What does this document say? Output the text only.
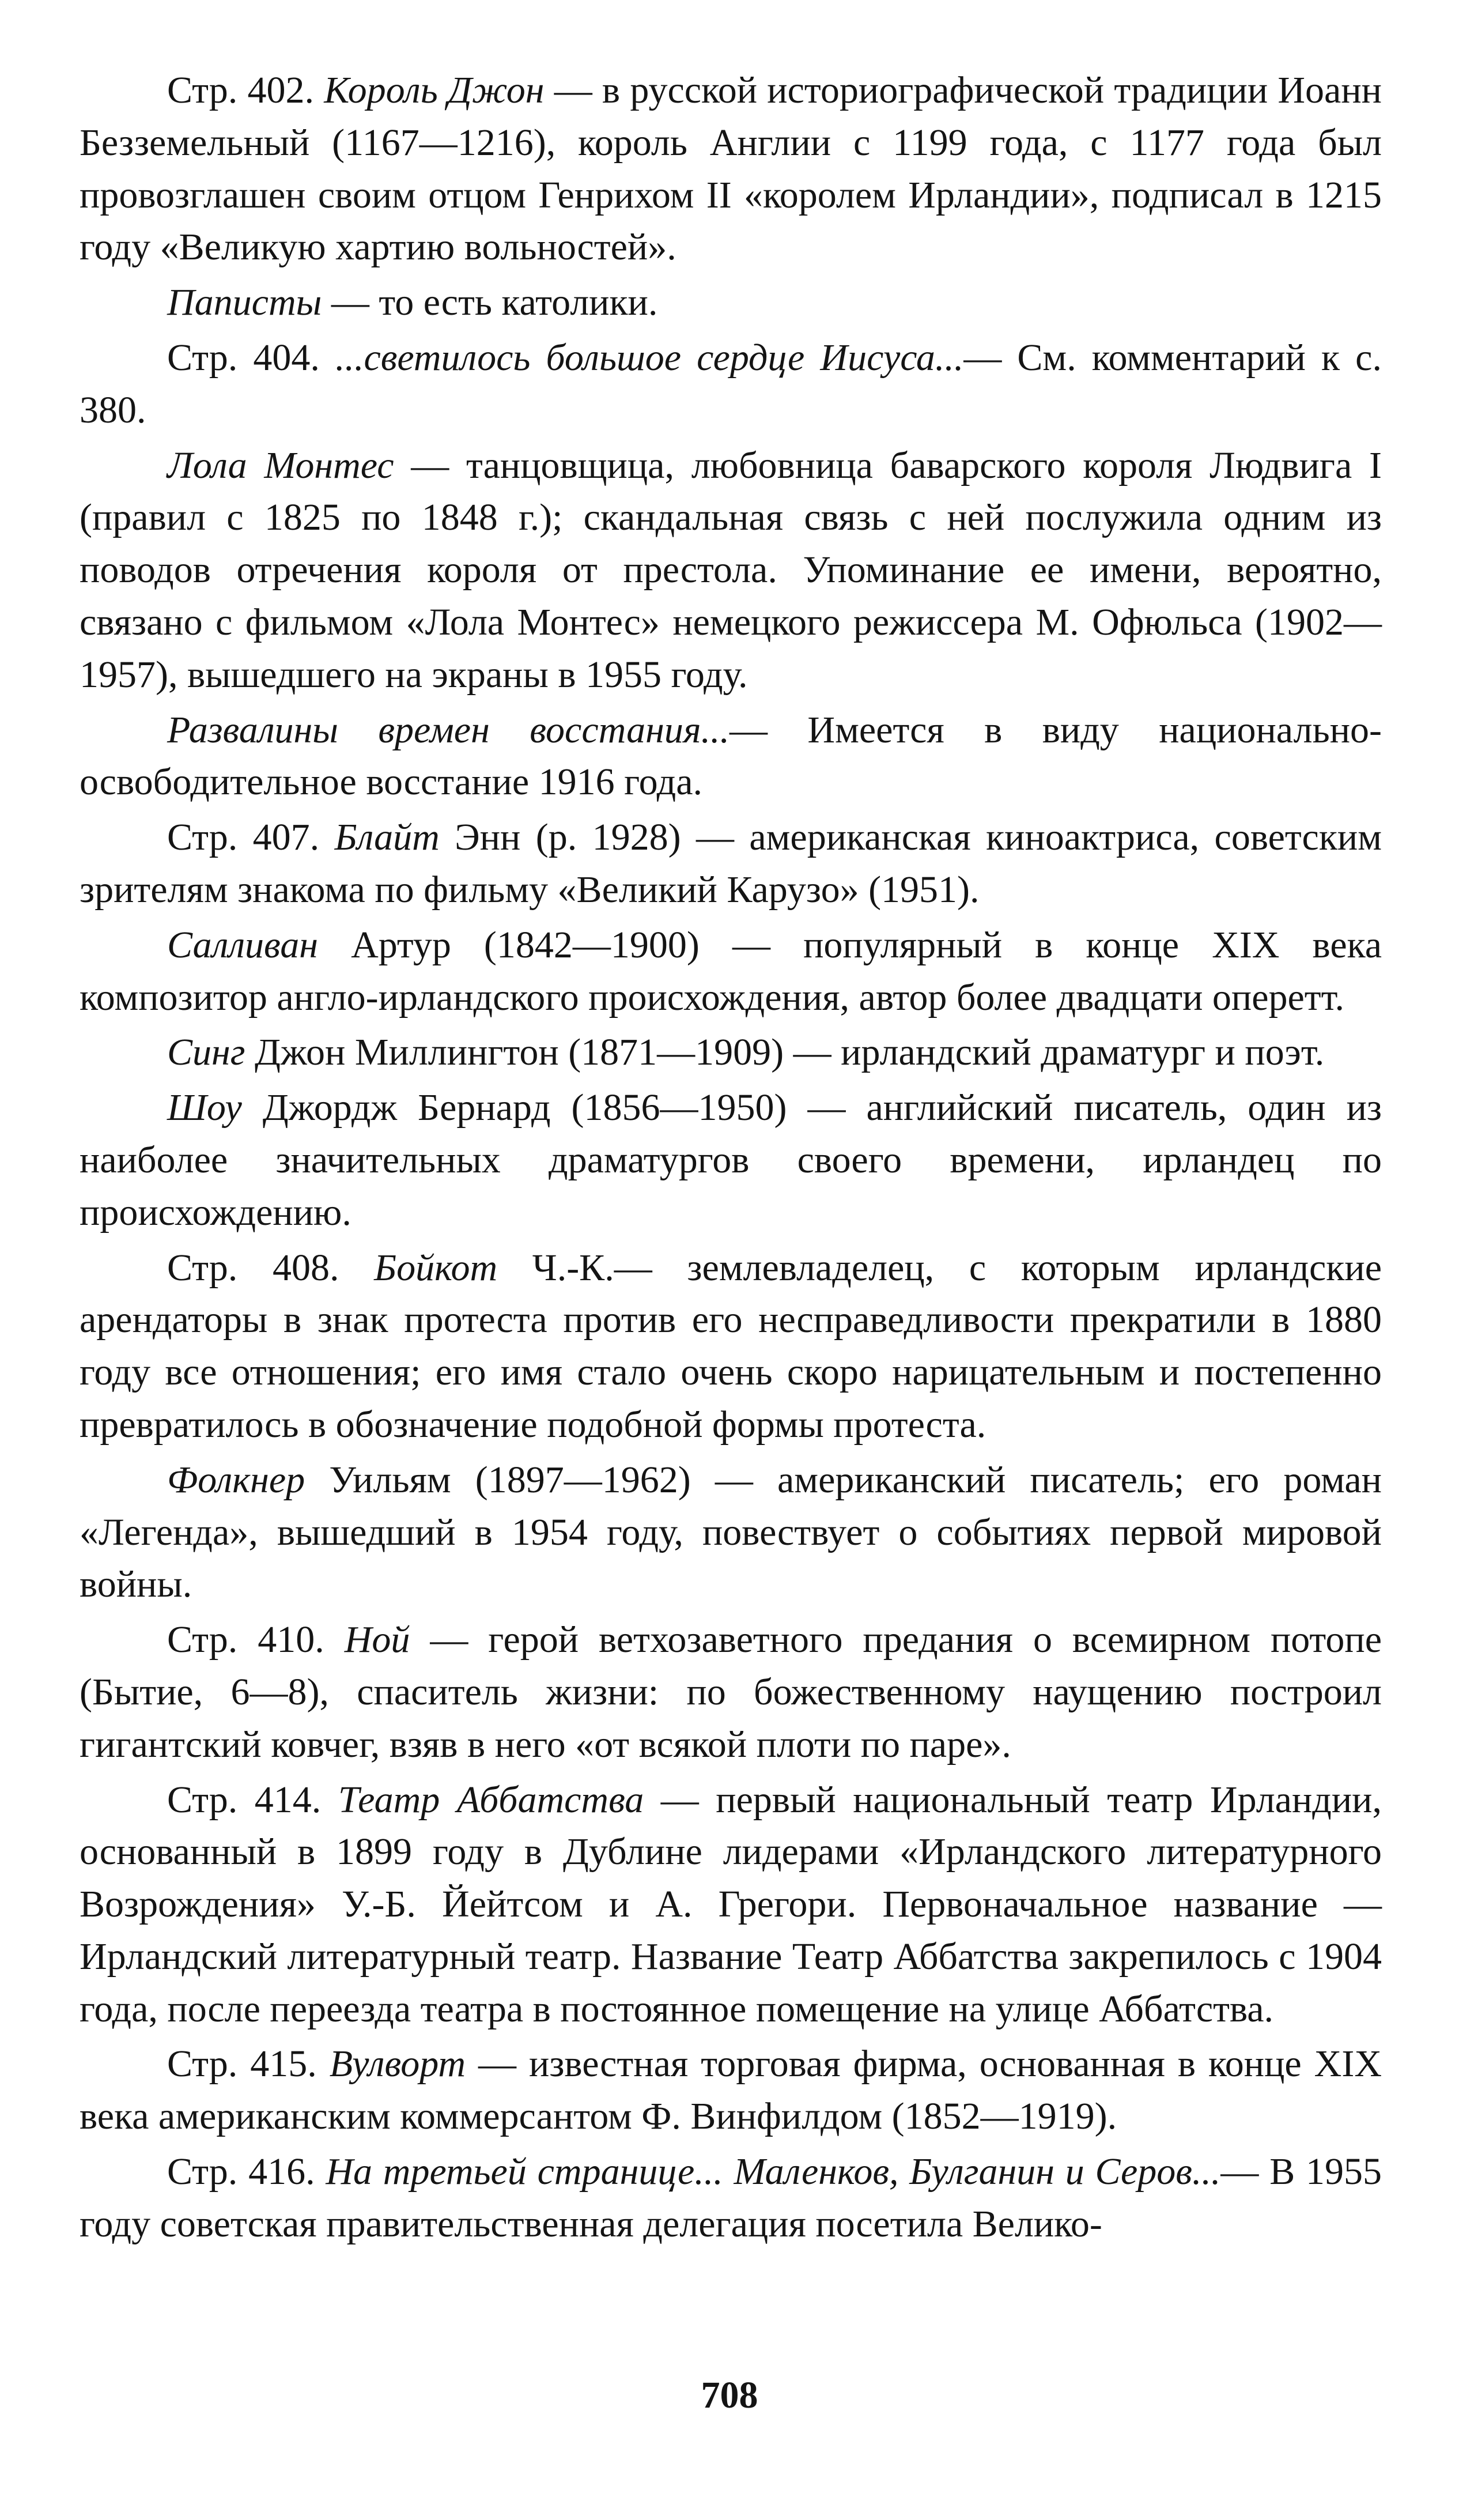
Стр. 402. Король Джон — в русской историографической традиции Иоанн Безземельный (1167—1216), король Англии с 1199 года, с 1177 года был провозглашен своим отцом Генрихом II «королем Ирландии», подписал в 1215 году «Великую хартию вольностей».

Паписты — то есть католики.

Стр. 404. ...светилось большое сердце Иисуса...— См. комментарий к с. 380.

Лола Монтес — танцовщица, любовница баварского короля Людвига I (правил с 1825 по 1848 г.); скандальная связь с ней послужила одним из поводов отречения короля от престола. Упоминание ее имени, вероятно, связано с фильмом «Лола Монтес» немецкого режиссера М. Офюльса (1902—1957), вышедшего на экраны в 1955 году.

Развалины времен восстания...— Имеется в виду национально-освободительное восстание 1916 года.

Стр. 407. Блайт Энн (р. 1928) — американская киноактриса, советским зрителям знакома по фильму «Великий Карузо» (1951).

Салливан Артур (1842—1900) — популярный в конце XIX века композитор англо-ирландского происхождения, автор более двадцати оперетт.

Синг Джон Миллингтон (1871—1909) — ирландский драматург и поэт.

Шоу Джордж Бернард (1856—1950) — английский писатель, один из наиболее значительных драматургов своего времени, ирландец по происхождению.

Стр. 408. Бойкот Ч.-К.— землевладелец, с которым ирландские арендаторы в знак протеста против его несправедливости прекратили в 1880 году все отношения; его имя стало очень скоро нарицательным и постепенно превратилось в обозначение подобной формы протеста.

Фолкнер Уильям (1897—1962) — американский писатель; его роман «Легенда», вышедший в 1954 году, повествует о событиях первой мировой войны.

Стр. 410. Ной — герой ветхозаветного предания о всемирном потопе (Бытие, 6—8), спаситель жизни: по божественному наущению построил гигантский ковчег, взяв в него «от всякой плоти по паре».

Стр. 414. Театр Аббатства — первый национальный театр Ирландии, основанный в 1899 году в Дублине лидерами «Ирландского литературного Возрождения» У.-Б. Йейтсом и А. Грегори. Первоначальное название — Ирландский литературный театр. Название Театр Аббатства закрепилось с 1904 года, после переезда театра в постоянное помещение на улице Аббатства.

Стр. 415. Вулворт — известная торговая фирма, основанная в конце XIX века американским коммерсантом Ф. Винфилдом (1852—1919).

Стр. 416. На третьей странице... Маленков, Булганин и Серов...— В 1955 году советская правительственная делегация посетила Велико-

708
